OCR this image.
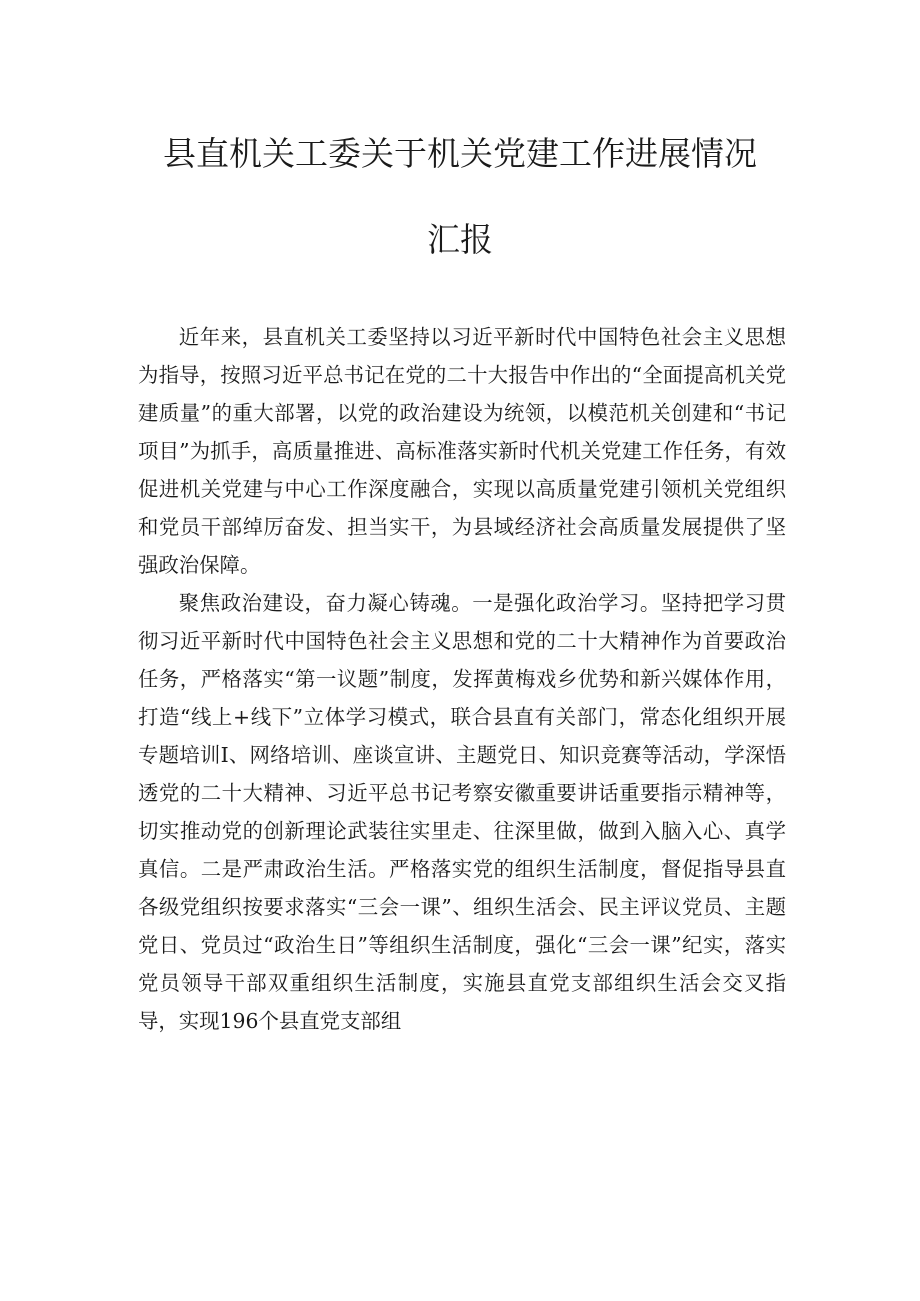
县直机关工委关于机关党建工作进展情况
汇报

近年来，县直机关工委坚持以习近平新时代中国特色社会主义思想为指导，按照习近平总书记在党的二十大报告中作出的“全面提高机关党建质量”的重大部署，以党的政治建设为统领，以模范机关创建和“书记项目”为抓手，高质量推进、高标准落实新时代机关党建工作任务，有效促进机关党建与中心工作深度融合，实现以高质量党建引领机关党组织和党员干部绰厉奋发、担当实干，为县域经济社会高质量发展提供了坚强政治保障。

聚焦政治建设，奋力凝心铸魂。一是强化政治学习。坚持把学习贯彻习近平新时代中国特色社会主义思想和党的二十大精神作为首要政治任务，严格落实“第一议题”制度，发挥黄梅戏乡优势和新兴媒体作用，打造“线上+线下”立体学习模式，联合县直有关部门，常态化组织开展专题培训I、网络培训、座谈宣讲、主题党日、知识竞赛等活动，学深悟透党的二十大精神、习近平总书记考察安徽重要讲话重要指示精神等，切实推动党的创新理论武装往实里走、往深里做，做到入脑入心、真学真信。二是严肃政治生活。严格落实党的组织生活制度，督促指导县直各级党组织按要求落实“三会一课”、组织生活会、民主评议党员、主题党日、党员过“政治生日”等组织生活制度，强化“三会一课”纪实，落实党员领导干部双重组织生活制度，实施县直党支部组织生活会交叉指导，实现196个县直党支部组
